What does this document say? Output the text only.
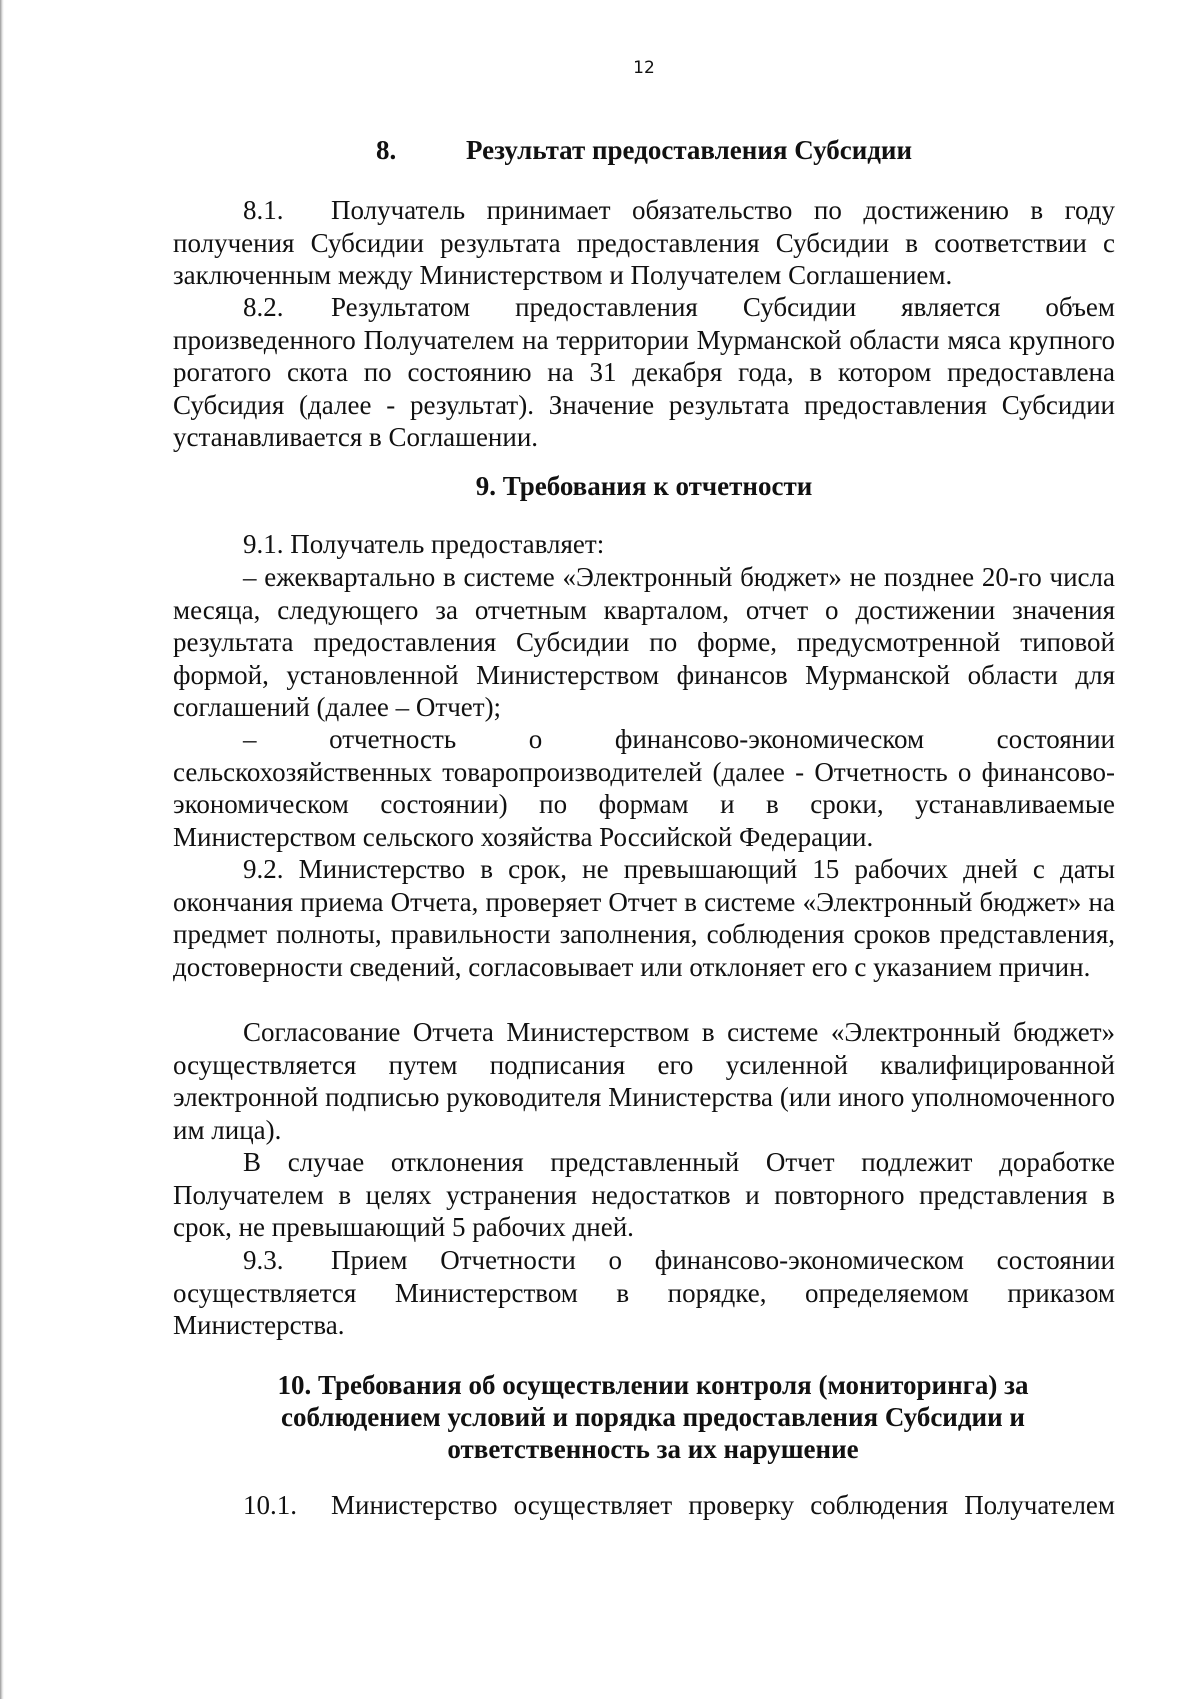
12
8.	Результат предоставления Субсидии

8.1. Получатель принимает обязательство по достижению в году получения Субсидии результата предоставления Субсидии в соответствии с заключенным между Министерством и Получателем Соглашением.

8.2. Результатом предоставления Субсидии является объем произведенного Получателем на территории Мурманской области мяса крупного рогатого скота по состоянию на 31 декабря года, в котором предоставлена Субсидия (далее - результат). Значение результата предоставления Субсидии устанавливается в Соглашении.

9. Требования к отчетности

9.1. Получатель предоставляет:

– ежеквартально в системе «Электронный бюджет» не позднее 20-го числа месяца, следующего за отчетным кварталом, отчет о достижении значения результата предоставления Субсидии по форме, предусмотренной типовой формой, установленной Министерством финансов Мурманской области для соглашений (далее – Отчет);

– отчетность о финансово-экономическом состоянии сельскохозяйственных товаропроизводителей (далее - Отчетность о финансово-экономическом состоянии) по формам и в сроки, устанавливаемые Министерством сельского хозяйства Российской Федерации.

9.2. Министерство в срок, не превышающий 15 рабочих дней с даты окончания приема Отчета, проверяет Отчет в системе «Электронный бюджет» на предмет полноты, правильности заполнения, соблюдения сроков представления, достоверности сведений, согласовывает или отклоняет его с указанием причин.

Согласование Отчета Министерством в системе «Электронный бюджет» осуществляется путем подписания его усиленной квалифицированной электронной подписью руководителя Министерства (или иного уполномоченного им лица).

В случае отклонения представленный Отчет подлежит доработке Получателем в целях устранения недостатков и повторного представления в срок, не превышающий 5 рабочих дней.

9.3. Прием Отчетности о финансово-экономическом состоянии осуществляется Министерством в порядке, определяемом приказом Министерства.

10. Требования об осуществлении контроля (мониторинга) за
соблюдением условий и порядка предоставления Субсидии и
ответственность за их нарушение

10.1. Министерство осуществляет проверку соблюдения Получателем
